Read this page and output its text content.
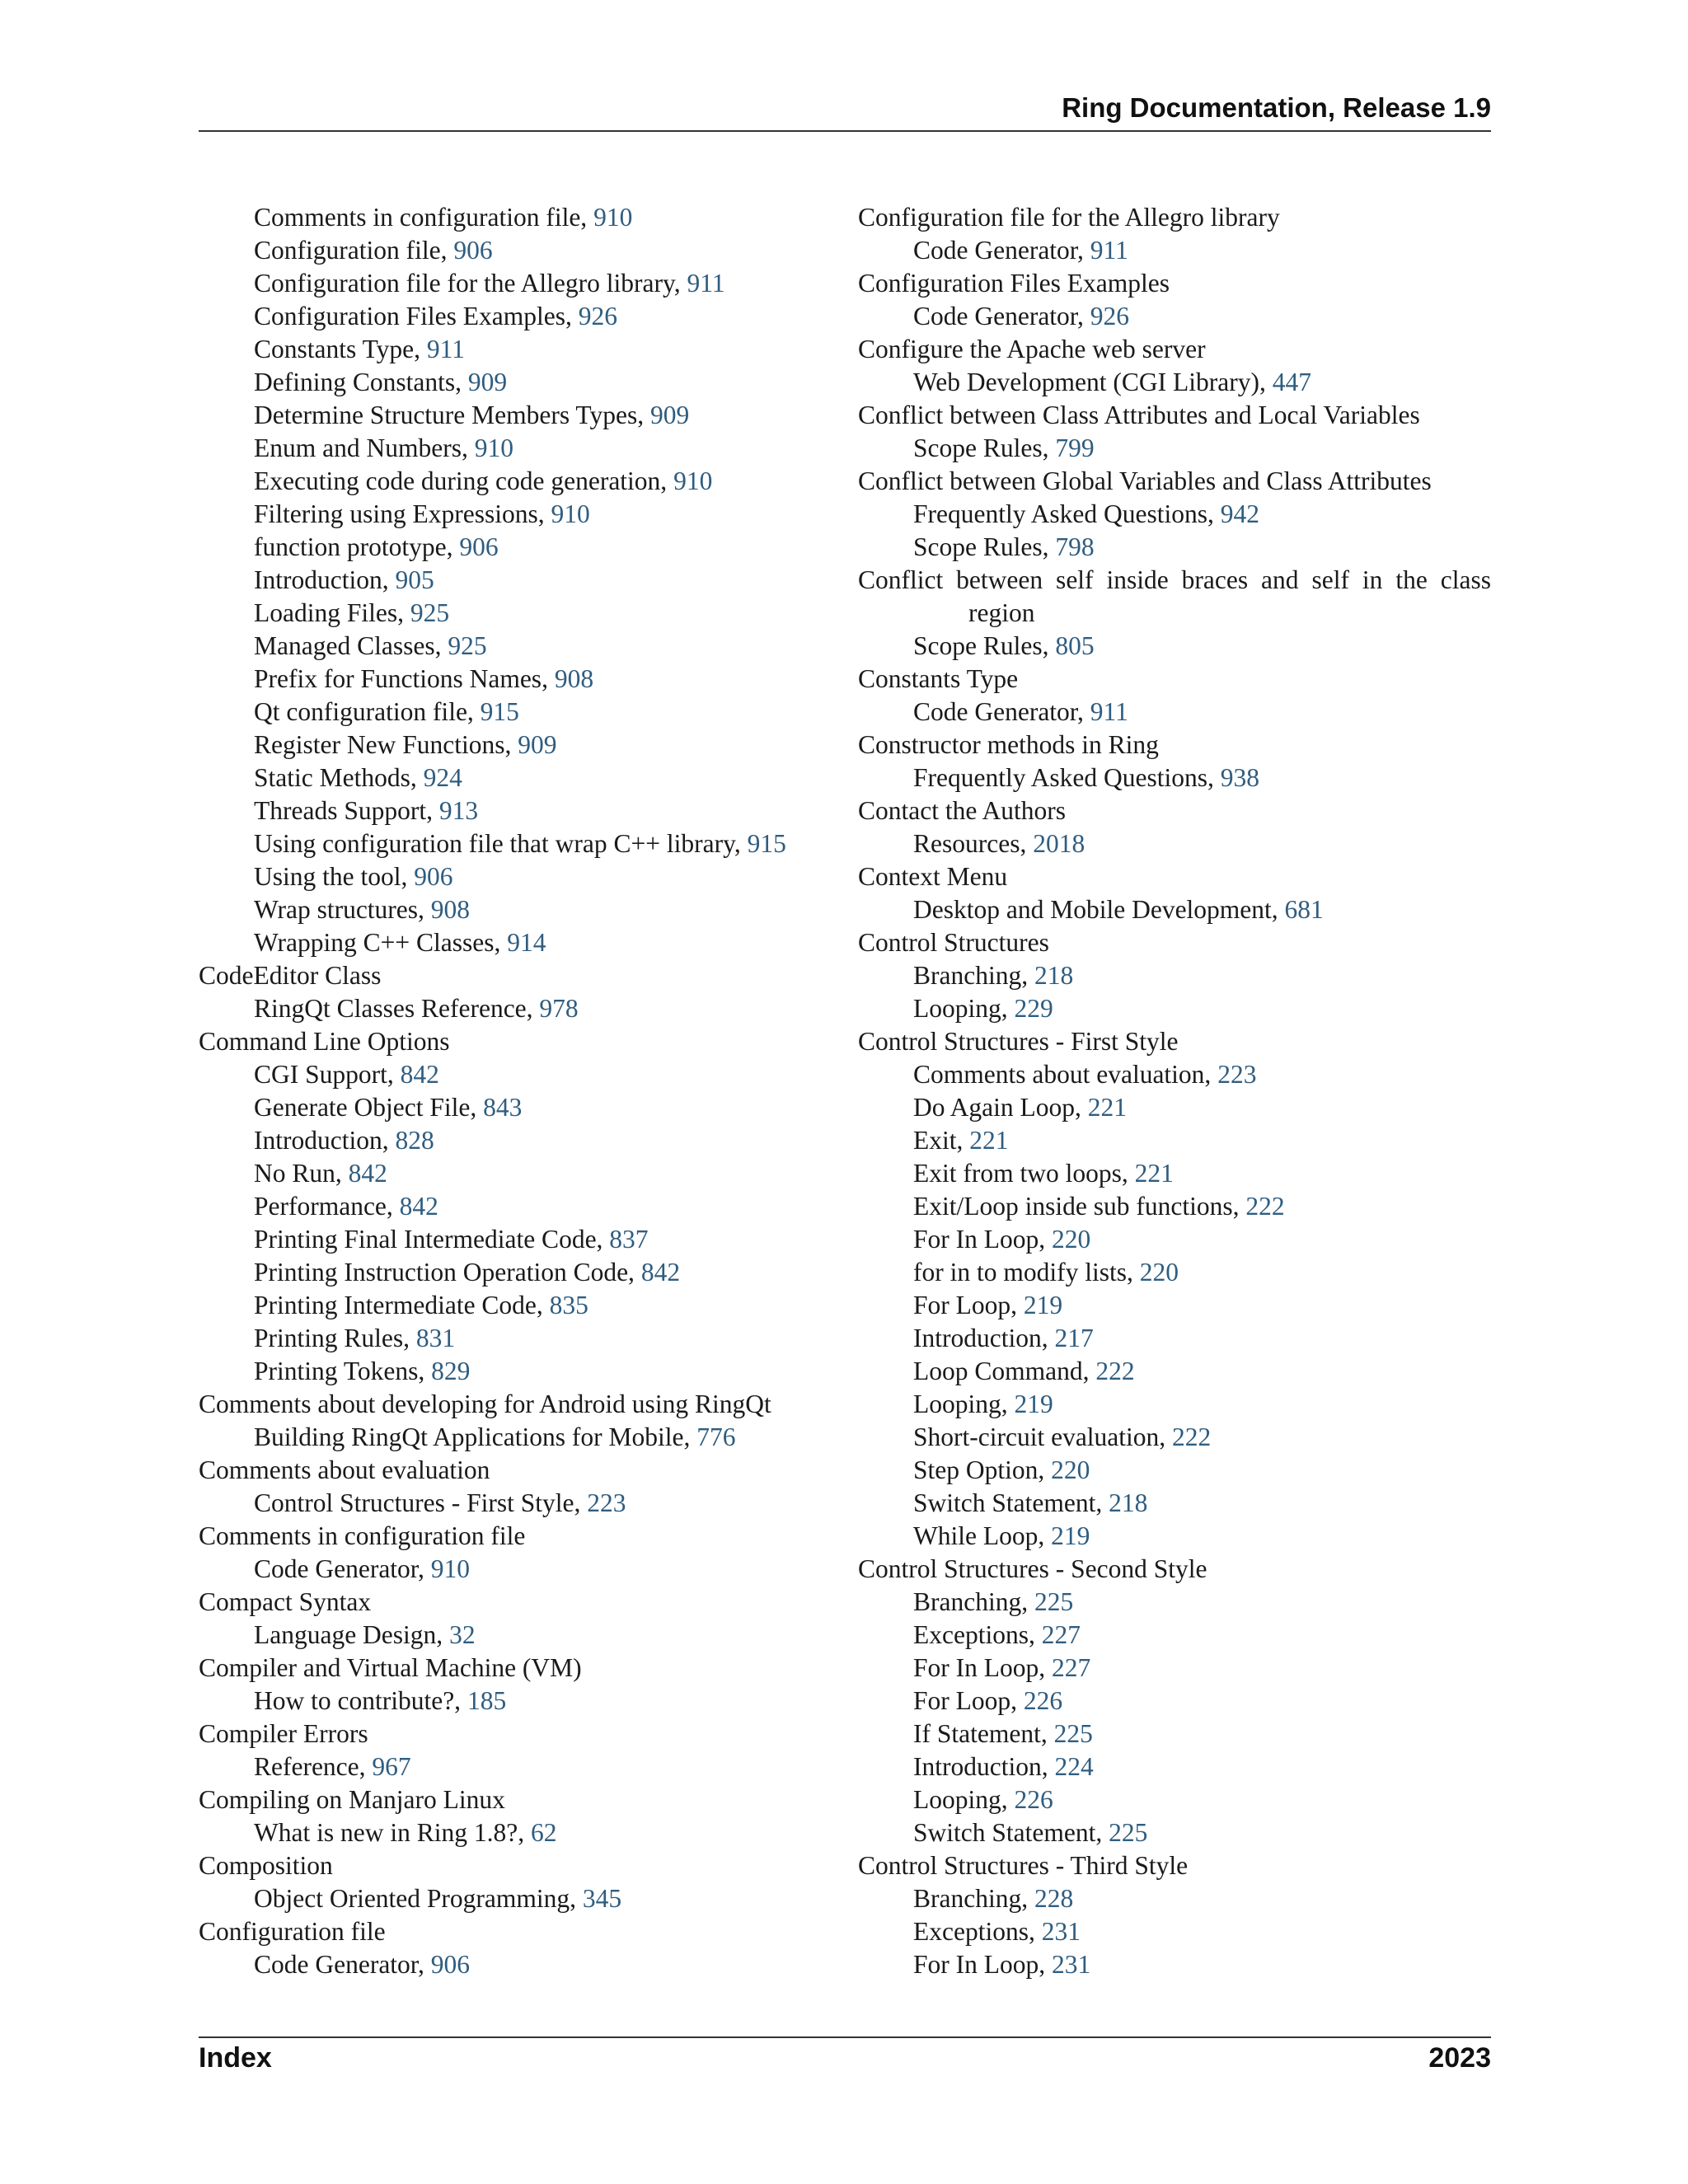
Ring Documentation, Release 1.9
Comments in configuration file, 910
Configuration file, 906
Configuration file for the Allegro library, 911
Configuration Files Examples, 926
Constants Type, 911
Defining Constants, 909
Determine Structure Members Types, 909
Enum and Numbers, 910
Executing code during code generation, 910
Filtering using Expressions, 910
function prototype, 906
Introduction, 905
Loading Files, 925
Managed Classes, 925
Prefix for Functions Names, 908
Qt configuration file, 915
Register New Functions, 909
Static Methods, 924
Threads Support, 913
Using configuration file that wrap C++ library, 915
Using the tool, 906
Wrap structures, 908
Wrapping C++ Classes, 914
CodeEditor Class
RingQt Classes Reference, 978
Command Line Options
CGI Support, 842
Generate Object File, 843
Introduction, 828
No Run, 842
Performance, 842
Printing Final Intermediate Code, 837
Printing Instruction Operation Code, 842
Printing Intermediate Code, 835
Printing Rules, 831
Printing Tokens, 829
Comments about developing for Android using RingQt
Building RingQt Applications for Mobile, 776
Comments about evaluation
Control Structures - First Style, 223
Comments in configuration file
Code Generator, 910
Compact Syntax
Language Design, 32
Compiler and Virtual Machine (VM)
How to contribute?, 185
Compiler Errors
Reference, 967
Compiling on Manjaro Linux
What is new in Ring 1.8?, 62
Composition
Object Oriented Programming, 345
Configuration file
Code Generator, 906
Configuration file for the Allegro library
Code Generator, 911
Configuration Files Examples
Code Generator, 926
Configure the Apache web server
Web Development (CGI Library), 447
Conflict between Class Attributes and Local Variables
Scope Rules, 799
Conflict between Global Variables and Class Attributes
Frequently Asked Questions, 942
Scope Rules, 798
Conflict between self inside braces and self in the class
region
Scope Rules, 805
Constants Type
Code Generator, 911
Constructor methods in Ring
Frequently Asked Questions, 938
Contact the Authors
Resources, 2018
Context Menu
Desktop and Mobile Development, 681
Control Structures
Branching, 218
Looping, 229
Control Structures - First Style
Comments about evaluation, 223
Do Again Loop, 221
Exit, 221
Exit from two loops, 221
Exit/Loop inside sub functions, 222
For In Loop, 220
for in to modify lists, 220
For Loop, 219
Introduction, 217
Loop Command, 222
Looping, 219
Short-circuit evaluation, 222
Step Option, 220
Switch Statement, 218
While Loop, 219
Control Structures - Second Style
Branching, 225
Exceptions, 227
For In Loop, 227
For Loop, 226
If Statement, 225
Introduction, 224
Looping, 226
Switch Statement, 225
Control Structures - Third Style
Branching, 228
Exceptions, 231
For In Loop, 231
Index	2023
